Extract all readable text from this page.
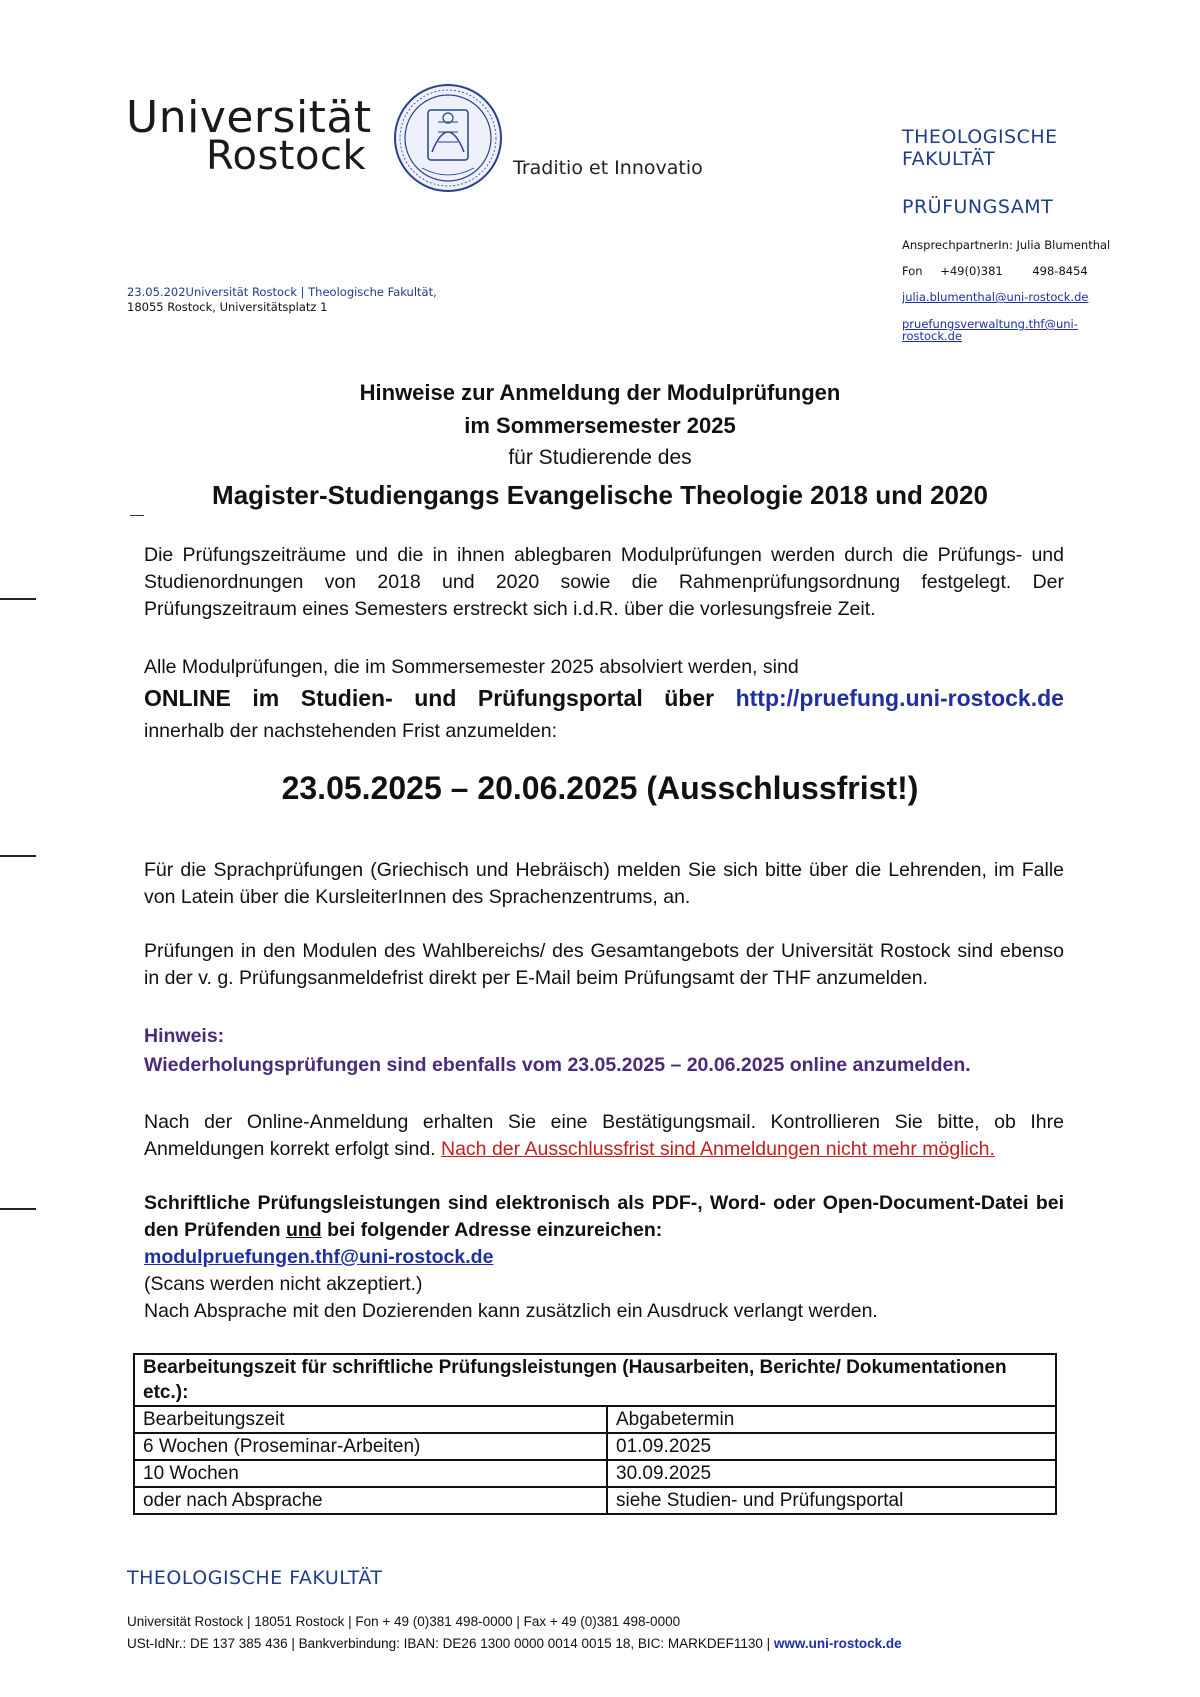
Universität
Rostock	Traditio et Innovatio
THEOLOGISCHE
FAKULTÄT
PRÜFUNGSAMT
AnsprechpartnerIn: Julia Blumenthal
Fon +49(0)381	498-8454
julia.blumenthal@uni-rostock.de
pruefungsverwaltung.thf@uni-
rostock.de
23.05.202Universität Rostock | Theologische Fakultät,
18055 Rostock, Universitätsplatz 1
Hinweise zur Anmeldung der Modulprüfungen
im Sommersemester 2025
für Studierende des
Magister-Studiengangs Evangelische Theologie 2018 und 2020
Die Prüfungszeiträume und die in ihnen ablegbaren Modulprüfungen werden durch die Prüfungs- und Studienordnungen von 2018 und 2020 sowie die Rahmenprüfungsordnung festgelegt. Der Prüfungszeitraum eines Semesters erstreckt sich i.d.R. über die vorlesungsfreie Zeit.
Alle Modulprüfungen, die im Sommersemester 2025 absolviert werden, sind
ONLINE im Studien- und Prüfungsportal über http://pruefung.uni-rostock.de
innerhalb der nachstehenden Frist anzumelden:
23.05.2025 – 20.06.2025 (Ausschlussfrist!)
Für die Sprachprüfungen (Griechisch und Hebräisch) melden Sie sich bitte über die Lehrenden, im Falle von Latein über die KursleiterInnen des Sprachenzentrums, an.
Prüfungen in den Modulen des Wahlbereichs/ des Gesamtangebots der Universität Rostock sind ebenso in der v. g. Prüfungsanmeldefrist direkt per E-Mail beim Prüfungsamt der THF anzumelden.
Hinweis:
Wiederholungsprüfungen sind ebenfalls vom 23.05.2025 – 20.06.2025 online anzumelden.
Nach der Online-Anmeldung erhalten Sie eine Bestätigungsmail. Kontrollieren Sie bitte, ob Ihre Anmeldungen korrekt erfolgt sind. Nach der Ausschlussfrist sind Anmeldungen nicht mehr möglich.
Schriftliche Prüfungsleistungen sind elektronisch als PDF-, Word- oder Open-Document-Datei bei den Prüfenden und bei folgender Adresse einzureichen:
modulpruefungen.thf@uni-rostock.de
(Scans werden nicht akzeptiert.)
Nach Absprache mit den Dozierenden kann zusätzlich ein Ausdruck verlangt werden.
Bearbeitungszeit für schriftliche Prüfungsleistungen (Hausarbeiten, Berichte/ Dokumentationen etc.):	
Bearbeitungszeit	Abgabetermin
6 Wochen (Proseminar-Arbeiten)	01.09.2025
10 Wochen	30.09.2025
oder nach Absprache	siehe Studien- und Prüfungsportal
THEOLOGISCHE FAKULTÄT
Universität Rostock | 18051 Rostock | Fon + 49 (0)381 498-0000 | Fax + 49 (0)381 498-0000
USt-IdNr.: DE 137 385 436 | Bankverbindung: IBAN: DE26 1300 0000 0014 0015 18, BIC: MARKDEF1130 | www.uni-rostock.de
